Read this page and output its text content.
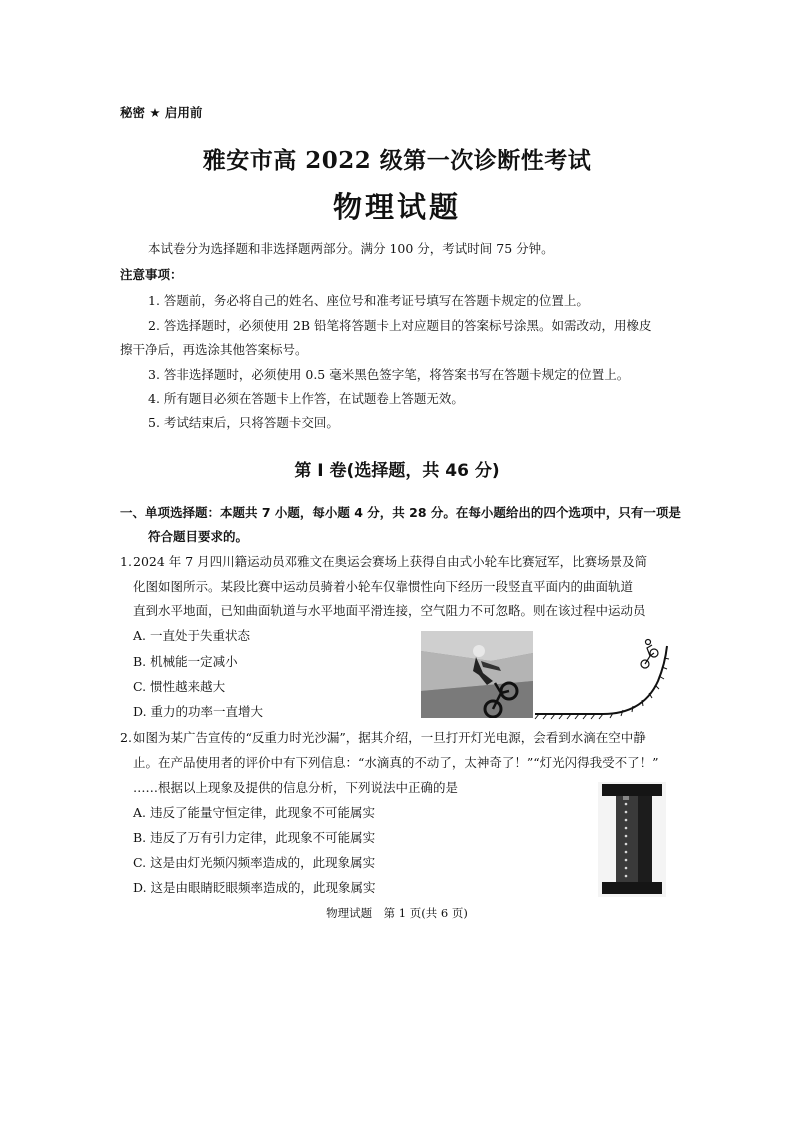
秘密 ★ 启用前
雅安市高 2022 级第一次诊断性考试
物理试题
本试卷分为选择题和非选择题两部分。满分 100 分，考试时间 75 分钟。
注意事项：
1. 答题前，务必将自己的姓名、座位号和准考证号填写在答题卡规定的位置上。
2. 答选择题时，必须使用 2B 铅笔将答题卡上对应题目的答案标号涂黑。如需改动，用橡皮
擦干净后，再选涂其他答案标号。
3. 答非选择题时，必须使用 0.5 毫米黑色签字笔，将答案书写在答题卡规定的位置上。
4. 所有题目必须在答题卡上作答，在试题卷上答题无效。
5. 考试结束后，只将答题卡交回。
第 Ⅰ 卷(选择题，共 46 分)
一、单项选择题：本题共 7 小题，每小题 4 分，共 28 分。在每小题给出的四个选项中，只有一项是
符合题目要求的。
1. 2024 年 7 月四川籍运动员邓雅文在奥运会赛场上获得自由式小轮车比赛冠军，比赛场景及简
化图如图所示。某段比赛中运动员骑着小轮车仅靠惯性向下经历一段竖直平面内的曲面轨道
直到水平地面，已知曲面轨道与水平地面平滑连接，空气阻力不可忽略。则在该过程中运动员
A. 一直处于失重状态
B. 机械能一定减小
C. 惯性越来越大
D. 重力的功率一直增大
2. 如图为某广告宣传的“反重力时光沙漏”，据其介绍，一旦打开灯光电源，会看到水滴在空中静
止。在产品使用者的评价中有下列信息：“水滴真的不动了，太神奇了！”“灯光闪得我受不了！”
……根据以上现象及提供的信息分析，下列说法中正确的是
A. 违反了能量守恒定律，此现象不可能属实
B. 违反了万有引力定律，此现象不可能属实
C. 这是由灯光频闪频率造成的，此现象属实
D. 这是由眼睛眨眼频率造成的，此现象属实
物理试题　第 1 页(共 6 页)
